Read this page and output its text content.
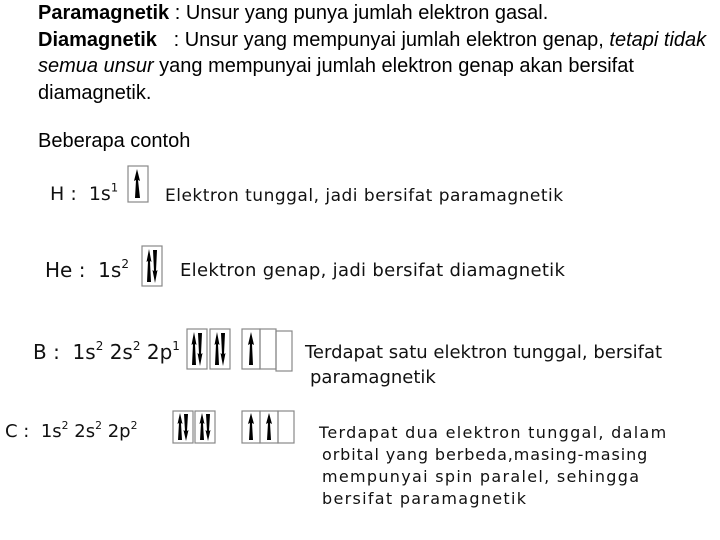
Paramagnetik : Unsur yang punya jumlah elektron gasal.

Diamagnetik   : Unsur yang mempunyai jumlah elektron genap, tetapi tidak semua unsur yang mempunyai jumlah elektron genap akan bersifat diamagnetik.

Beberapa contoh
H : $1s^1$	Elektron tunggal, jadi bersifat paramagnetik
He : $1s^2$	Elektron genap, jadi bersifat diamagnetik
B : $1s^2$ $2s^2$ $2p^1$	Terdapat satu elektron tunggal, bersifat
paramagnetik
C : $1s^2$ $2s^2$ $2p^2$	Terdapat dua elektron tunggal, dalam
orbital yang berbeda,masing-masing
mempunyai spin paralel, sehingga
bersifat paramagnetik
